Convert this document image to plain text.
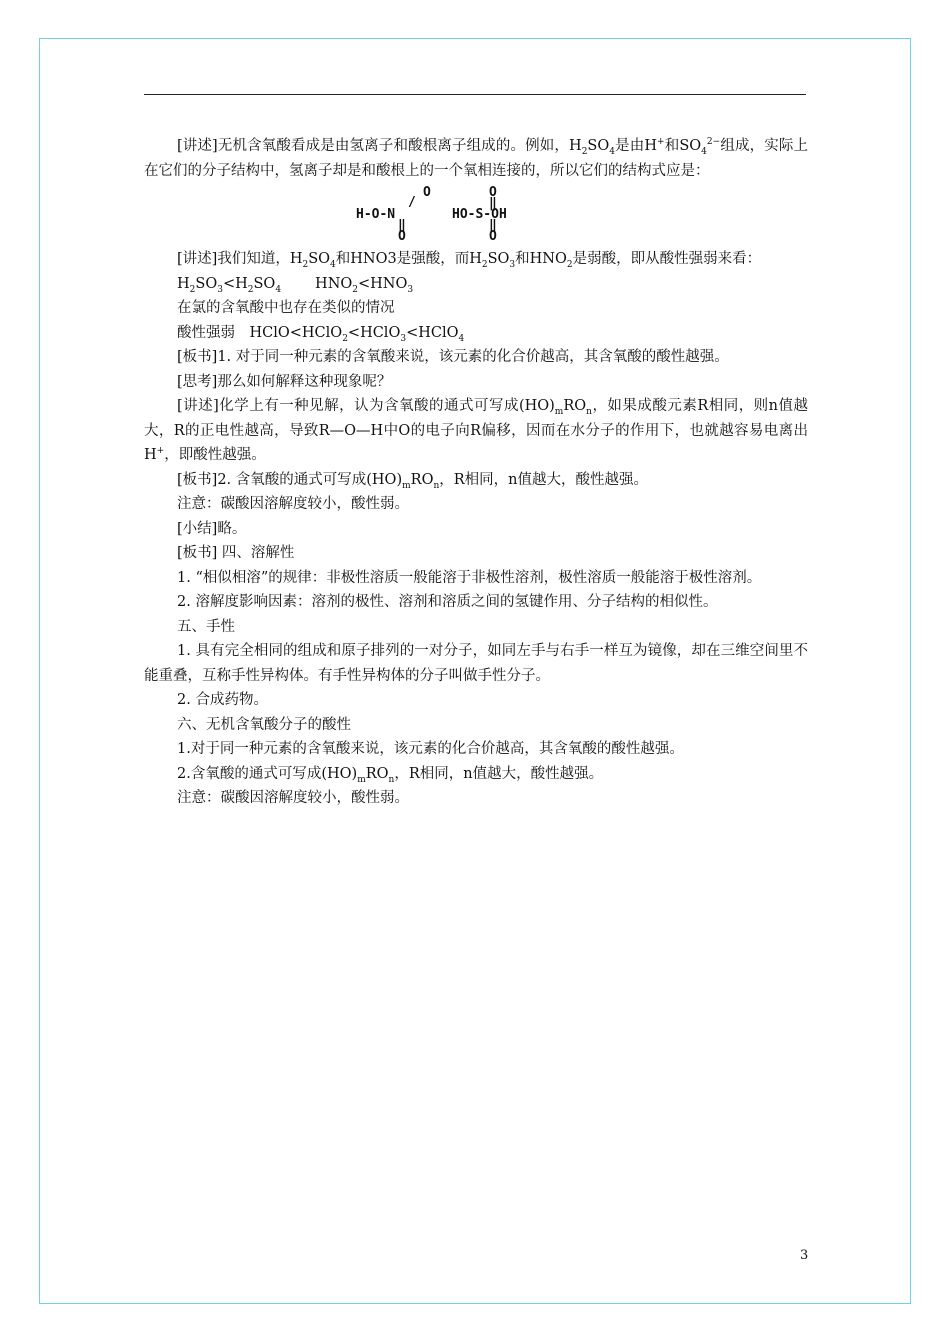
[讲述]无机含氧酸看成是由氢离子和酸根离子组成的。例如，$H_2SO_4$是由H+和$SO_4^{2-}$组成，实际上在它们的分子结构中，氢离子却是和酸根上的一个氧相连接的，所以它们的结构式应是：

O
/
H-O-N
‖
O
O
‖
HO-S-OH
‖
O

[讲述]我们知道，$H_2SO_4$和HNO3是强酸，而$H_2SO_3$和$HNO_2$是弱酸，即从酸性强弱来看：

$H_2SO_3<H_2SO_4$ $HNO_2<HNO_3$

在氯的含氧酸中也存在类似的情况

酸性强弱　HClO<HClO$_2$<HClO$_3$<HClO$_4$

[板书]1. 对于同一种元素的含氧酸来说，该元素的化合价越高，其含氧酸的酸性越强。

[思考]那么如何解释这种现象呢？

[讲述]化学上有一种见解，认为含氧酸的通式可写成$(HO)_mRO_n$，如果成酸元素R相同，则n值越大，R的正电性越高，导致R—O—H中O的电子向R偏移，因而在水分子的作用下，也就越容易电离出H+，即酸性越强。

[板书]2. 含氧酸的通式可写成$(HO)_mRO_n$，R相同，n值越大，酸性越强。

注意：碳酸因溶解度较小，酸性弱。

[小结]略。

[板书] 四、溶解性

1. “相似相溶”的规律：非极性溶质一般能溶于非极性溶剂，极性溶质一般能溶于极性溶剂。

2. 溶解度影响因素：溶剂的极性、溶剂和溶质之间的氢键作用、分子结构的相似性。

五、手性

1. 具有完全相同的组成和原子排列的一对分子，如同左手与右手一样互为镜像，却在三维空间里不能重叠，互称手性异构体。有手性异构体的分子叫做手性分子。

2. 合成药物。

六、无机含氧酸分子的酸性

1.对于同一种元素的含氧酸来说，该元素的化合价越高，其含氧酸的酸性越强。

2.含氧酸的通式可写成$(HO)_mRO_n$，R相同，n值越大，酸性越强。

注意：碳酸因溶解度较小，酸性弱。

3
